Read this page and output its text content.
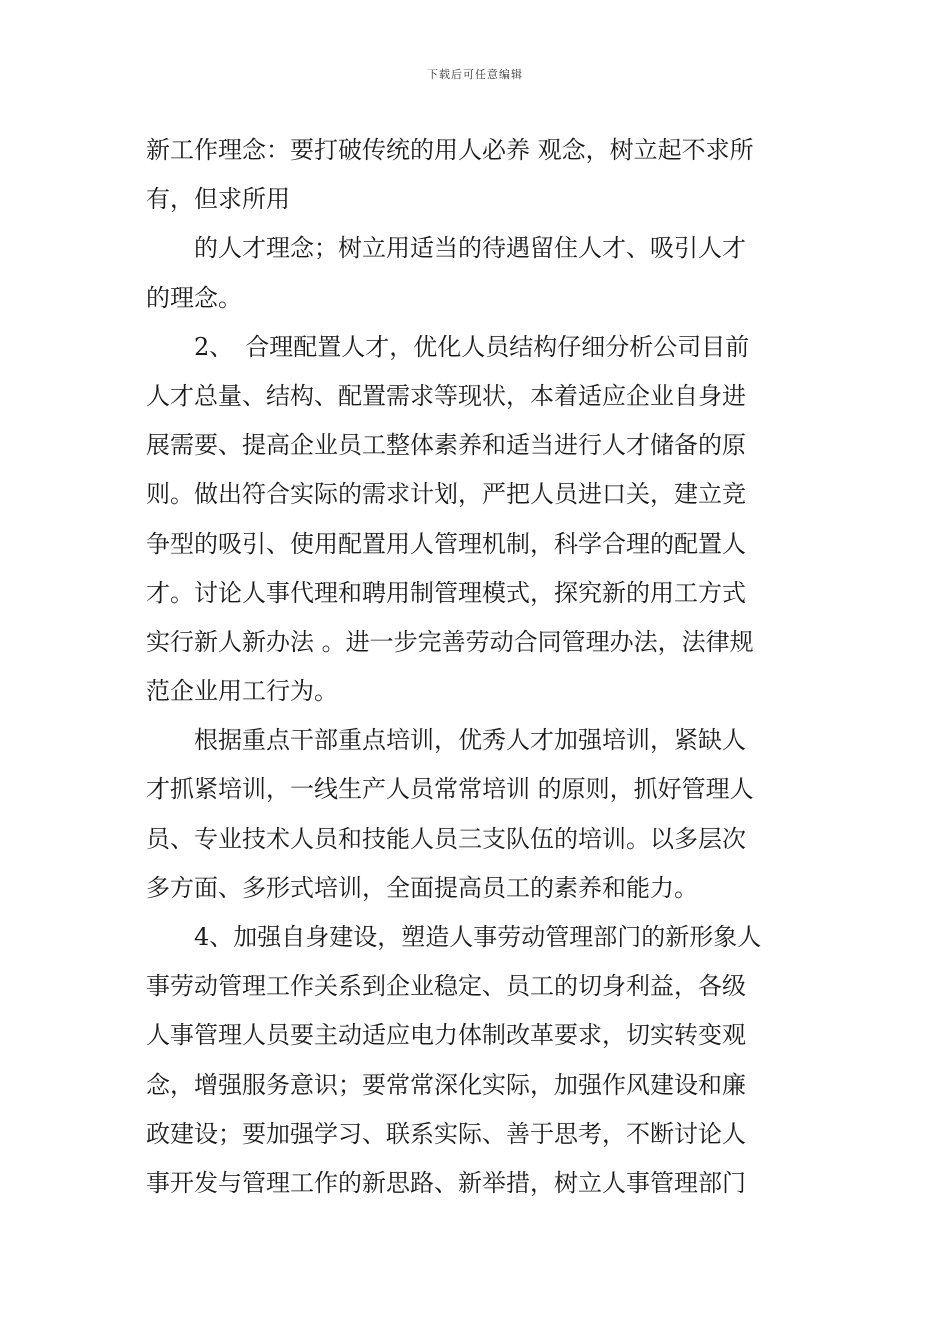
下载后可任意编辑
新工作理念：要打破传统的用人必养 观念，树立起不求所
有，但求所用
　　的人才理念；树立用适当的待遇留住人才、吸引人才
的理念。
　　2、　合理配置人才，优化人员结构仔细分析公司目前
人才总量、结构、配置需求等现状，本着适应企业自身进
展需要、提高企业员工整体素养和适当进行人才储备的原
则。做出符合实际的需求计划，严把人员进口关，建立竞
争型的吸引、使用配置用人管理机制，科学合理的配置人
才。讨论人事代理和聘用制管理模式，探究新的用工方式
实行新人新办法 。进一步完善劳动合同管理办法，法律规
范企业用工行为。
　　根据重点干部重点培训，优秀人才加强培训，紧缺人
才抓紧培训，一线生产人员常常培训 的原则，抓好管理人
员、专业技术人员和技能人员三支队伍的培训。以多层次
多方面、多形式培训，全面提高员工的素养和能力。
　　4、加强自身建设，塑造人事劳动管理部门的新形象人
事劳动管理工作关系到企业稳定、员工的切身利益，各级
人事管理人员要主动适应电力体制改革要求，切实转变观
念，增强服务意识；要常常深化实际，加强作风建设和廉
政建设；要加强学习、联系实际、善于思考，不断讨论人
事开发与管理工作的新思路、新举措，树立人事管理部门
